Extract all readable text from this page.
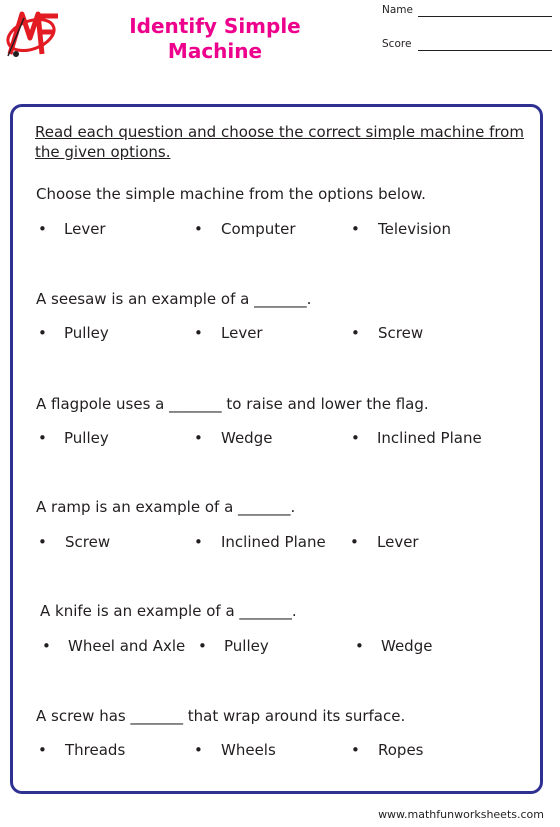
Identify Simple Machine
Name
Score
Read each question and choose the correct simple machine from the given options.
Choose the simple machine from the options below.
• Lever	• Computer	• Television
A seesaw is an example of a _______.
• Pulley	• Lever	• Screw
A flagpole uses a _______ to raise and lower the flag.
• Pulley	• Wedge	• Inclined Plane
A ramp is an example of a _______.
• Screw	• Inclined Plane • Lever
A knife is an example of a _______.
• Wheel and Axle • Pulley	• Wedge
A screw has _______ that wrap around its surface.
• Threads	• Wheels	• Ropes
www.mathfunworksheets.com
